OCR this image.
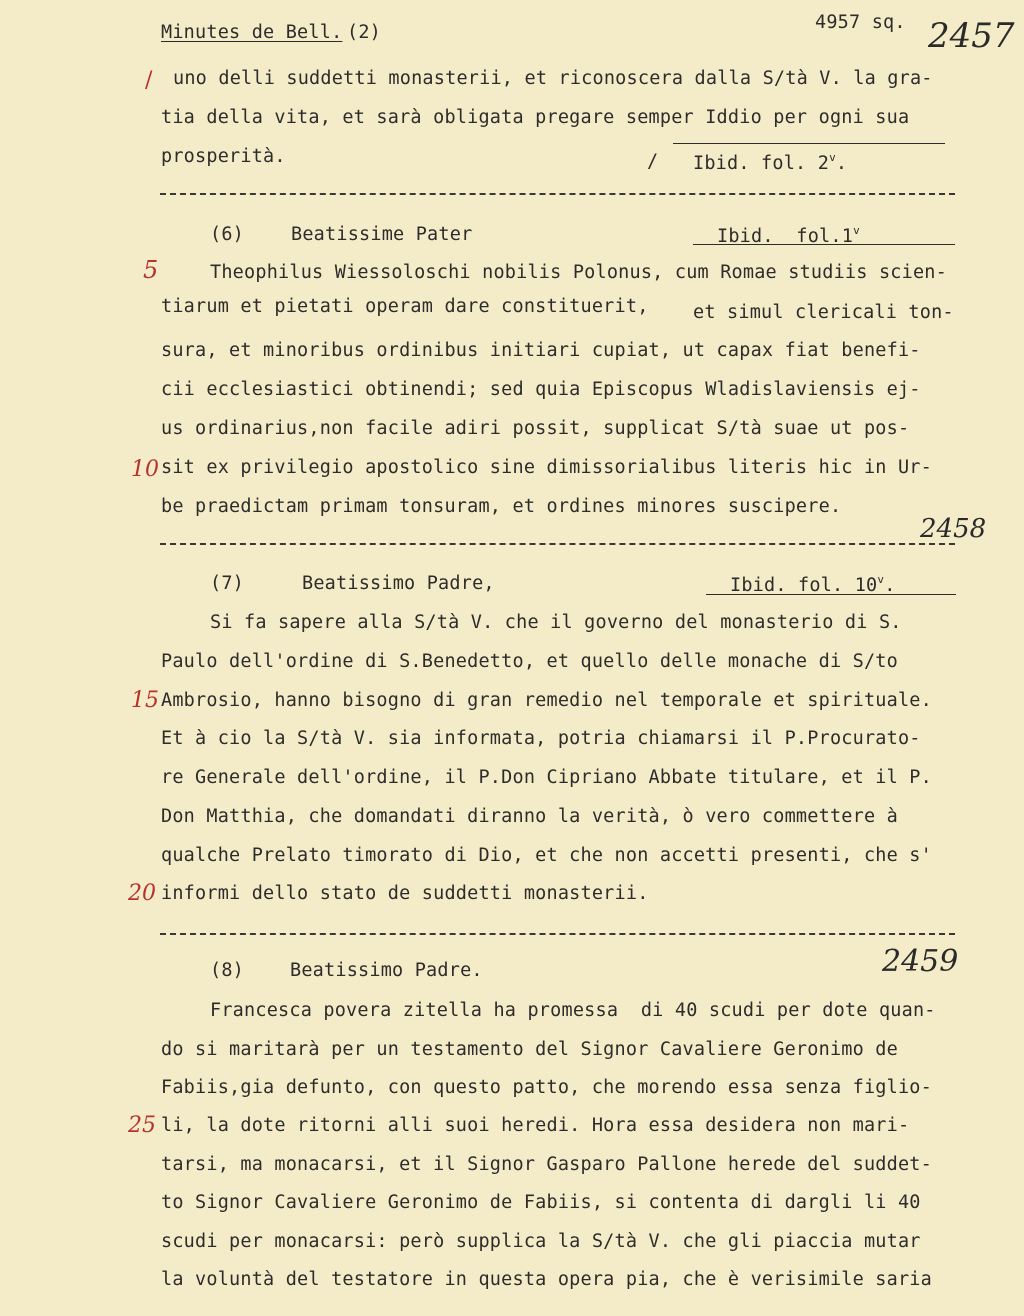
Minutes de Bell. (2)	4957 sq. 2457
/ uno delli suddetti monasterii, et riconoscera dalla S/tà V. la gra-
tia della vita, et sarà obligata pregare semper Iddio per ogni sua
prosperità.	/ Ibid. fol. 2$^v$.
(6)	Beatissime Pater	Ibid.  fol.1$^v$
5	Theophilus Wiessoloschi nobilis Polonus, cum Romae studiis scien-
tiarum et pietati operam dare constituerit, et simul clericali ton-
sura, et minoribus ordinibus initiari cupiat, ut capax fiat benefi-
cii ecclesiastici obtinendi; sed quia Episcopus Wladislaviensis ej-
us ordinarius,non facile adiri possit, supplicat S/tà suae ut pos-
10 sit ex privilegio apostolico sine dimissorialibus literis hic in Ur-
be praedictam primam tonsuram, et ordines minores suscipere.
2458
(7)	Beatissimo Padre,	Ibid. fol. 10$^v$.
Si fa sapere alla S/tà V. che il governo del monasterio di S.
Paulo dell'ordine di S.Benedetto, et quello delle monache di S/to
15 Ambrosio, hanno bisogno di gran remedio nel temporale et spirituale.
Et à cio la S/tà V. sia informata, potria chiamarsi il P.Procurato-
re Generale dell'ordine, il P.Don Cipriano Abbate titulare, et il P.
Don Matthia, che domandati diranno la verità, ò vero commettere à
qualche Prelato timorato di Dio, et che non accetti presenti, che s'
20 informi dello stato de suddetti monasterii.
(8) Beatissimo Padre.	2459
Francesca povera zitella ha promessa  di 40 scudi per dote quan-
do si maritarà per un testamento del Signor Cavaliere Geronimo de
Fabiis,gia defunto, con questo patto, che morendo essa senza figlio-
25 li, la dote ritorni alli suoi heredi. Hora essa desidera non mari-
tarsi, ma monacarsi, et il Signor Gasparo Pallone herede del suddet-
to Signor Cavaliere Geronimo de Fabiis, si contenta di dargli li 40
scudi per monacarsi: però supplica la S/tà V. che gli piaccia mutar
la voluntà del testatore in questa opera pia, che è verisimile saria
